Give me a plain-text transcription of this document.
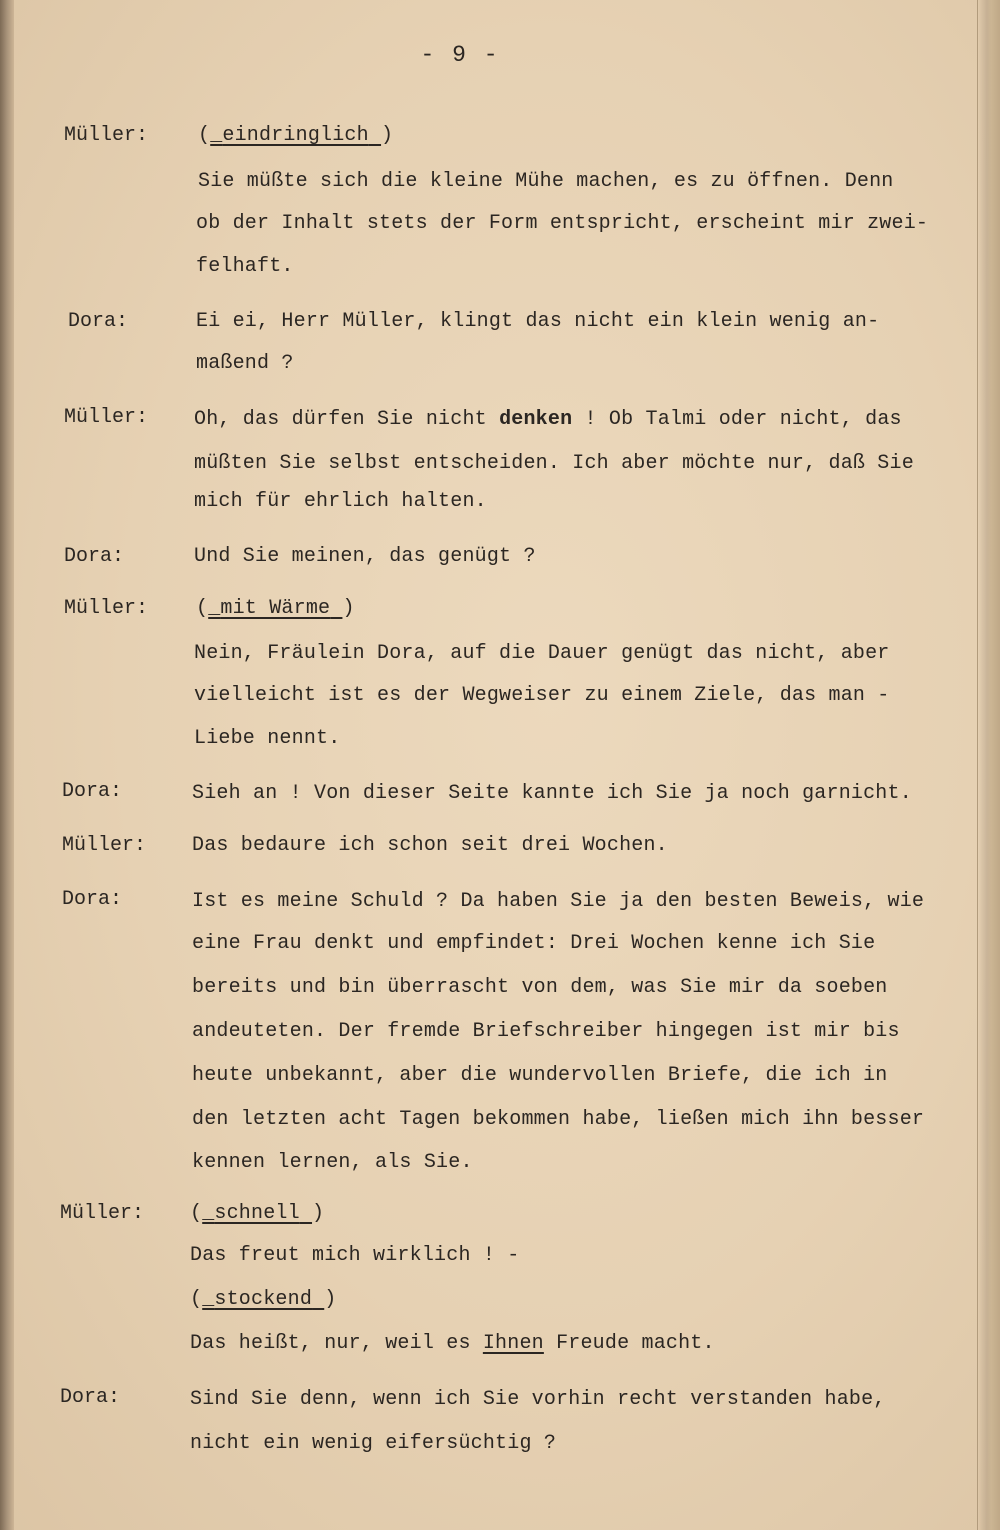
- 9 -
Müller: (_eindringlich )
Sie müßte sich die kleine Mühe machen, es zu öffnen. Denn
ob der Inhalt stets der Form entspricht, erscheint mir zwei-
felhaft.
Dora:	Ei ei, Herr Müller, klingt das nicht ein klein wenig an-
maßend ?
Müller: Oh, das dürfen Sie nicht denken ! Ob Talmi oder nicht, das
müßten Sie selbst entscheiden. Ich aber möchte nur, daß Sie
mich für ehrlich halten.
Dora:	Und Sie meinen, das genügt ?
Müller: (_mit Wärme )
Nein, Fräulein Dora, auf die Dauer genügt das nicht, aber
vielleicht ist es der Wegweiser zu einem Ziele, das man -
Liebe nennt.
Dora:	Sieh an ! Von dieser Seite kannte ich Sie ja noch garnicht.
Müller: Das bedaure ich schon seit drei Wochen.
Dora:	Ist es meine Schuld ? Da haben Sie ja den besten Beweis, wie
eine Frau denkt und empfindet: Drei Wochen kenne ich Sie
bereits und bin überrascht von dem, was Sie mir da soeben
andeuteten. Der fremde Briefschreiber hingegen ist mir bis
heute unbekannt, aber die wundervollen Briefe, die ich in
den letzten acht Tagen bekommen habe, ließen mich ihn besser
kennen lernen, als Sie.
Müller: (_schnell )
Das freut mich wirklich ! -
(_stockend )
Das heißt, nur, weil es Ihnen Freude macht.
Dora:	Sind Sie denn, wenn ich Sie vorhin recht verstanden habe,
nicht ein wenig eifersüchtig ?
